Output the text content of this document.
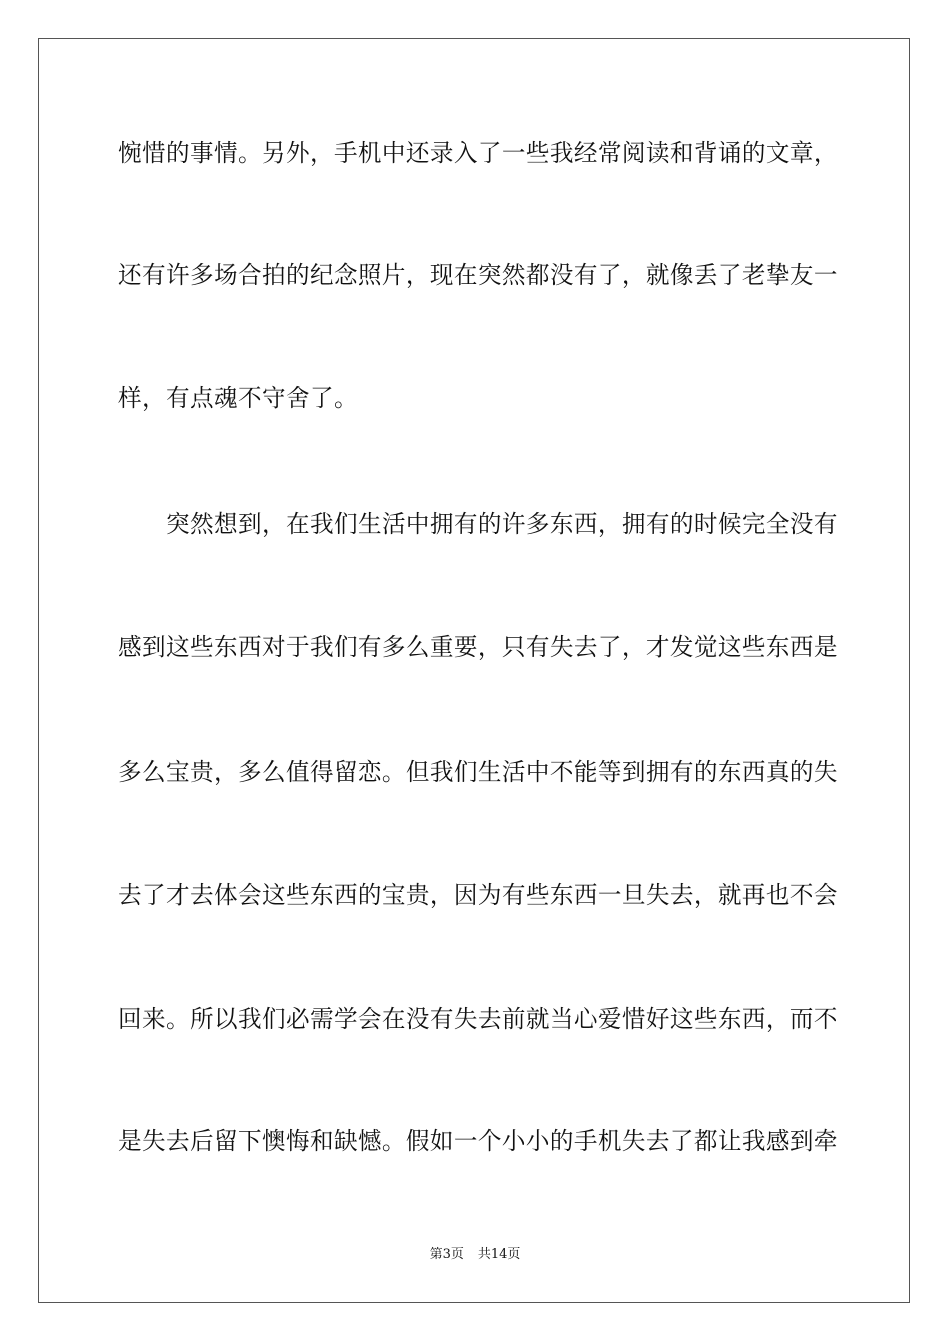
惋惜的事情。另外，手机中还录入了一些我经常阅读和背诵的文章，
还有许多场合拍的纪念照片，现在突然都没有了，就像丢了老挚友一
样，有点魂不守舍了。
突然想到，在我们生活中拥有的许多东西，拥有的时候完全没有
感到这些东西对于我们有多么重要，只有失去了，才发觉这些东西是
多么宝贵，多么值得留恋。但我们生活中不能等到拥有的东西真的失
去了才去体会这些东西的宝贵，因为有些东西一旦失去，就再也不会
回来。所以我们必需学会在没有失去前就当心爱惜好这些东西，而不
是失去后留下懊悔和缺憾。假如一个小小的手机失去了都让我感到牵
第3页 共14页
